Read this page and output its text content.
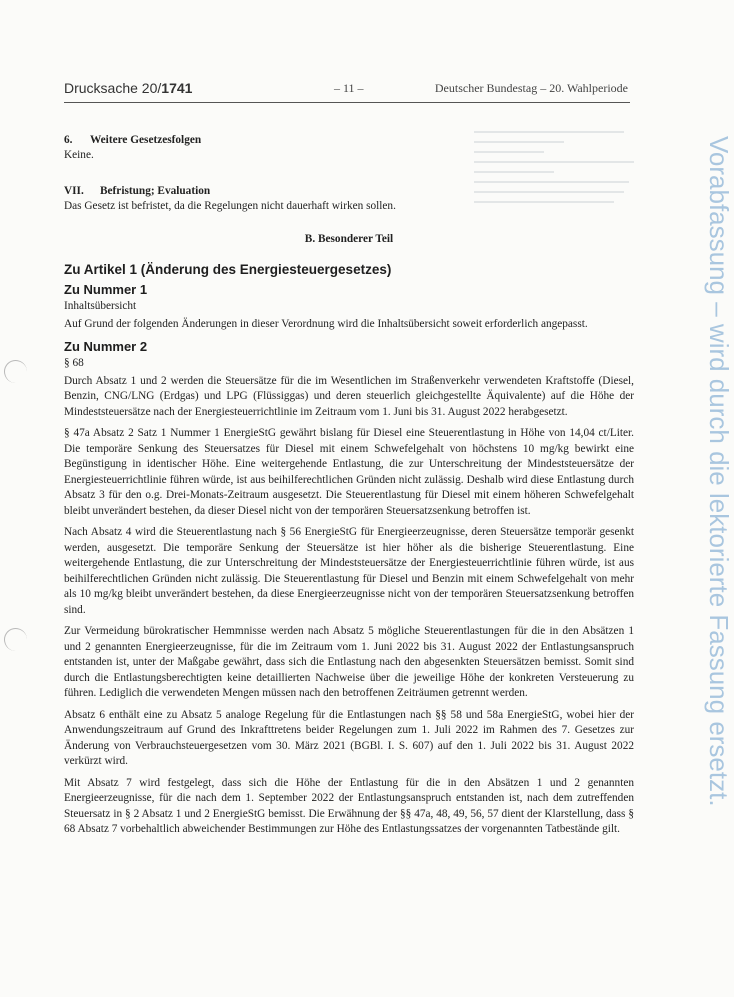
Drucksache 20/1741	– 11 –	Deutscher Bundestag – 20. Wahlperiode
6. Weitere Gesetzesfolgen
Keine.
VII. Befristung; Evaluation
Das Gesetz ist befristet, da die Regelungen nicht dauerhaft wirken sollen.
B. Besonderer Teil
Zu Artikel 1 (Änderung des Energiesteuergesetzes)
Zu Nummer 1
Inhaltsübersicht
Auf Grund der folgenden Änderungen in dieser Verordnung wird die Inhaltsübersicht soweit erforderlich angepasst.
Zu Nummer 2
§ 68
Durch Absatz 1 und 2 werden die Steuersätze für die im Wesentlichen im Straßenverkehr verwendeten Kraftstoffe (Diesel, Benzin, CNG/LNG (Erdgas) und LPG (Flüssiggas) und deren steuerlich gleichgestellte Äquivalente) auf die Höhe der Mindeststeuersätze nach der Energiesteuerrichtlinie im Zeitraum vom 1. Juni bis 31. August 2022 herabgesetzt.
§ 47a Absatz 2 Satz 1 Nummer 1 EnergieStG gewährt bislang für Diesel eine Steuerentlastung in Höhe von 14,04 ct/Liter. Die temporäre Senkung des Steuersatzes für Diesel mit einem Schwefelgehalt von höchstens 10 mg/kg bewirkt eine Begünstigung in identischer Höhe. Eine weitergehende Entlastung, die zur Unterschreitung der Mindeststeuersätze der Energiesteuerrichtlinie führen würde, ist aus beihilferechtlichen Gründen nicht zulässig. Deshalb wird diese Entlastung durch Absatz 3 für den o.g. Drei-Monats-Zeitraum ausgesetzt. Die Steuerentlastung für Diesel mit einem höheren Schwefelgehalt bleibt unverändert bestehen, da dieser Diesel nicht von der temporären Steuersatzsenkung betroffen ist.
Nach Absatz 4 wird die Steuerentlastung nach § 56 EnergieStG für Energieerzeugnisse, deren Steuersätze temporär gesenkt werden, ausgesetzt. Die temporäre Senkung der Steuersätze ist hier höher als die bisherige Steuerentlastung. Eine weitergehende Entlastung, die zur Unterschreitung der Mindeststeuersätze der Energiesteuerrichtlinie führen würde, ist aus beihilferechtlichen Gründen nicht zulässig. Die Steuerentlastung für Diesel und Benzin mit einem Schwefelgehalt von mehr als 10 mg/kg bleibt unverändert bestehen, da diese Energieerzeugnisse nicht von der temporären Steuersatzsenkung betroffen sind.
Zur Vermeidung bürokratischer Hemmnisse werden nach Absatz 5 mögliche Steuerentlastungen für die in den Absätzen 1 und 2 genannten Energieerzeugnisse, für die im Zeitraum vom 1. Juni 2022 bis 31. August 2022 der Entlastungsanspruch entstanden ist, unter der Maßgabe gewährt, dass sich die Entlastung nach den abgesenkten Steuersätzen bemisst. Somit sind durch die Entlastungsberechtigten keine detaillierten Nachweise über die jeweilige Höhe der konkreten Versteuerung zu führen. Lediglich die verwendeten Mengen müssen nach den betroffenen Zeiträumen getrennt werden.
Absatz 6 enthält eine zu Absatz 5 analoge Regelung für die Entlastungen nach §§ 58 und 58a EnergieStG, wobei hier der Anwendungszeitraum auf Grund des Inkrafttretens beider Regelungen zum 1. Juli 2022 im Rahmen des 7. Gesetzes zur Änderung von Verbrauchsteuergesetzen vom 30. März 2021 (BGBl. I. S. 607) auf den 1. Juli 2022 bis 31. August 2022 verkürzt wird.
Mit Absatz 7 wird festgelegt, dass sich die Höhe der Entlastung für die in den Absätzen 1 und 2 genannten Energieerzeugnisse, für die nach dem 1. September 2022 der Entlastungsanspruch entstanden ist, nach dem zutreffenden Steuersatz in § 2 Absatz 1 und 2 EnergieStG bemisst. Die Erwähnung der §§ 47a, 48, 49, 56, 57 dient der Klarstellung, dass § 68 Absatz 7 vorbehaltlich abweichender Bestimmungen zur Höhe des Entlastungssatzes der vorgenannten Tatbestände gilt.
Vorabfassung – wird durch die lektorierte Fassung ersetzt.
